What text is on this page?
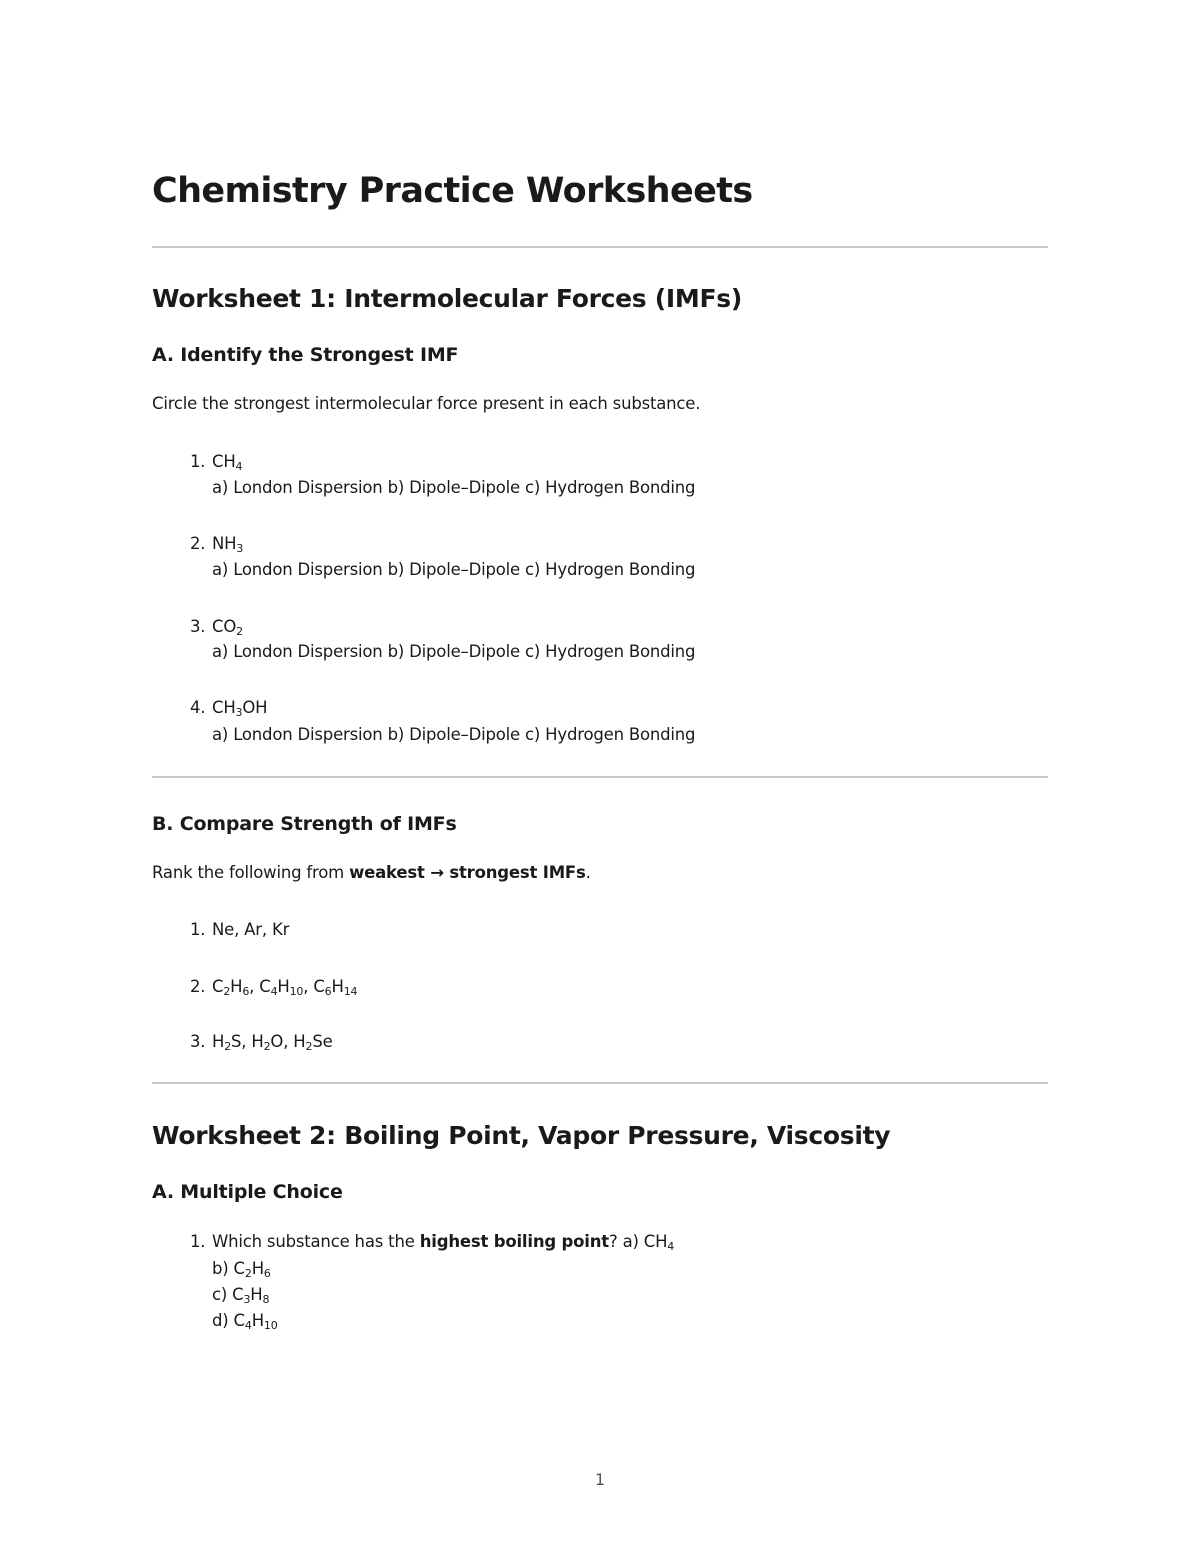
Chemistry Practice Worksheets
Worksheet 1: Intermolecular Forces (IMFs)
A. Identify the Strongest IMF
Circle the strongest intermolecular force present in each substance.
1. $CH_4$
a) London Dispersion b) Dipole–Dipole c) Hydrogen Bonding
2. $NH_3$
a) London Dispersion b) Dipole–Dipole c) Hydrogen Bonding
3. $CO_2$
a) London Dispersion b) Dipole–Dipole c) Hydrogen Bonding
4. $CH_3OH$
a) London Dispersion b) Dipole–Dipole c) Hydrogen Bonding
B. Compare Strength of IMFs
Rank the following from weakest → strongest IMFs.
1. Ne, Ar, Kr
2. $C_2H_6$, $C_4H_{10}$, $C_6H_{14}$
3. $H_2S$, $H_2O$, $H_2Se$
Worksheet 2: Boiling Point, Vapor Pressure, Viscosity
A. Multiple Choice
1. Which substance has the highest boiling point? a) $CH_4$
b) $C_2H_6$
c) $C_3H_8$
d) $C_4H_{10}$
1
